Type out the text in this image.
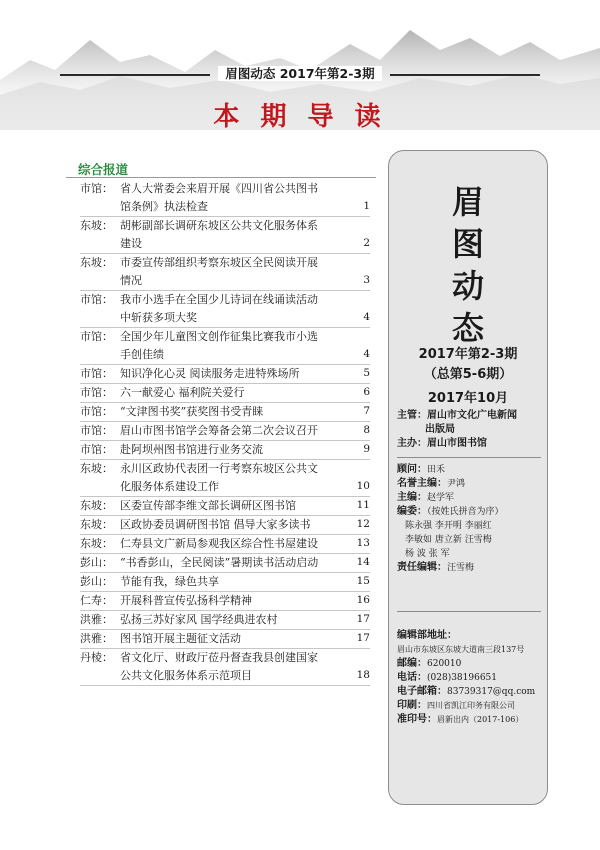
眉图动态 2017年第2-3期
本 期 导 读
综合报道
市馆： 省人大常委会来眉开展《四川省公共图书
馆条例》执法检查	1
东坡： 胡彬副部长调研东坡区公共文化服务体系
建设	2
东坡： 市委宣传部组织考察东坡区全民阅读开展
情况	3
市馆： 我市小选手在全国少儿诗词在线诵读活动
中斩获多项大奖	4
市馆： 全国少年儿童图文创作征集比赛我市小选
手创佳绩	4
市馆： 知识净化心灵 阅读服务走进特殊场所	5
市馆： 六一献爱心 福利院关爱行	6
市馆： “文津图书奖”获奖图书受青睐	7
市馆： 眉山市图书馆学会筹备会第二次会议召开	8
市馆： 赴阿坝州图书馆进行业务交流	9
东坡： 永川区政协代表团一行考察东坡区公共文
化服务体系建设工作	10
东坡： 区委宣传部李维文部长调研区图书馆	11
东坡： 区政协委员调研图书馆 倡导大家多读书	12
东坡： 仁寿县文广新局参观我区综合性书屋建设	13
彭山： “书香彭山，全民阅读”暑期读书活动启动	14
彭山： 节能有我，绿色共享	15
仁寿： 开展科普宣传弘扬科学精神	16
洪雅： 弘扬三苏好家风 国学经典进农村	17
洪雅： 图书馆开展主题征文活动	17
丹棱： 省文化厅、财政厅莅丹督查我县创建国家
公共文化服务体系示范项目	18
眉
图
动
态
2017年第2-3期
（总第5-6期）
2017年10月
主管：眉山市文化广电新闻
出版局
主办：眉山市图书馆
顾问：田禾
名誉主编：尹鸿
主编：赵学军
编委：（按姓氏拼音为序）
陈永强 李开明 李丽红
李敏如 唐立新 汪雪梅
杨 波 张 军
责任编辑：汪雪梅
编辑部地址：
眉山市东坡区东坡大道南三段137号
邮编：620010
电话：(028)38196651
电子邮箱：83739317@qq.com
印刷：四川省凯江印务有限公司
准印号：眉新出内（2017-106）
